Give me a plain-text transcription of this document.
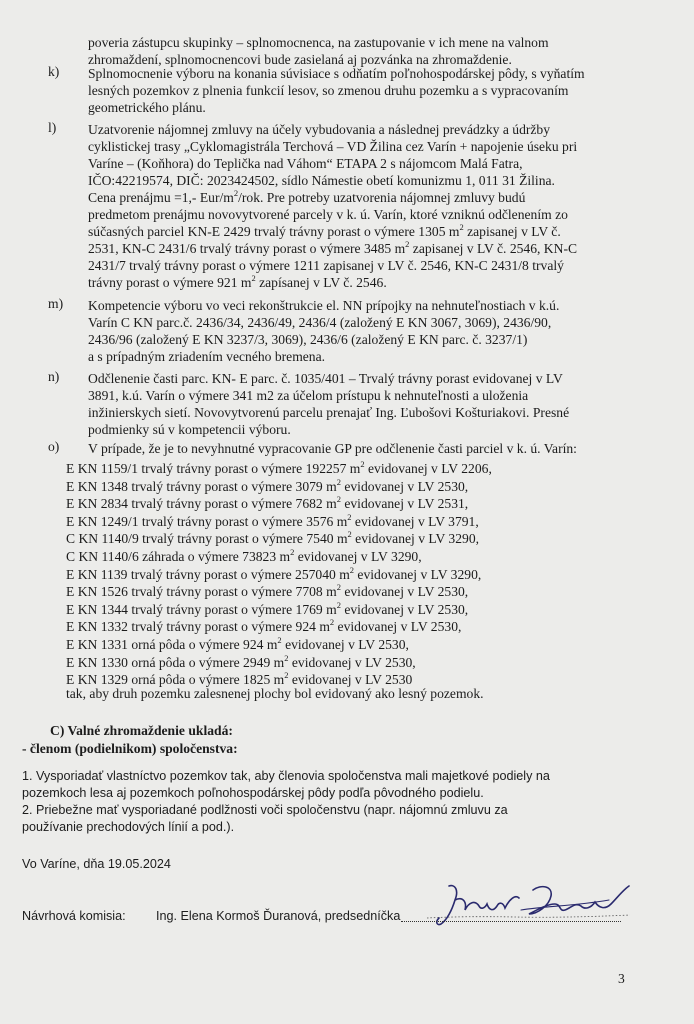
poveria zástupcu skupinky – splnomocnenca, na zastupovanie v ich mene na valnom
zhromaždení, splnomocnencovi bude zasielaná aj pozvánka na zhromaždenie.
k) Splnomocnenie výboru na konania súvisiace s odňatím poľnohospodárskej pôdy, s vyňatím
lesných pozemkov z plnenia funkcií lesov, so zmenou druhu pozemku a s vypracovaním
geometrického plánu.
l) Uzatvorenie nájomnej zmluvy na účely vybudovania a následnej prevádzky a údržby
cyklistickej trasy „Cyklomagistrála Terchová – VD Žilina cez Varín + napojenie úseku pri
Varíne – (Koňhora) do Teplička nad Váhom“ ETAPA 2 s nájomcom Malá Fatra,
IČO:42219574, DIČ: 2023424502, sídlo Námestie obetí komunizmu 1, 011 31 Žilina.
Cena prenájmu =1,- Eur/$m^2$/rok. Pre potreby uzatvorenia nájomnej zmluvy budú
predmetom prenájmu novovytvorené parcely v k. ú. Varín, ktoré vzniknú odčlenením zo
súčasných parciel KN-E 2429 trvalý trávny porast o výmere 1305 $m^2$ zapisanej v LV č.
2531, KN-C 2431/6 trvalý trávny porast o výmere 3485 $m^2$ zapisanej v LV č. 2546, KN-C
2431/7 trvalý trávny porast o výmere 1211 zapisanej v LV č. 2546, KN-C 2431/8 trvalý
trávny porast o výmere 921 $m^2$ zapísanej v LV č. 2546.
m) Kompetencie výboru vo veci rekonštrukcie el. NN prípojky na nehnuteľnostiach v k.ú.
Varín C KN parc.č. 2436/34, 2436/49, 2436/4 (založený E KN 3067, 3069), 2436/90,
2436/96 (založený E KN 3237/3, 3069), 2436/6 (založený E KN parc. č. 3237/1)
a s prípadným zriadením vecného bremena.
n) Odčlenenie časti parc. KN- E parc. č. 1035/401 – Trvalý trávny porast evidovanej v LV
3891, k.ú. Varín o výmere 341 m2 za účelom prístupu k nehnuteľnosti a uloženia
inžinierskych sietí. Novovytvorenú parcelu prenajať Ing. Ľubošovi Košturiakovi. Presné
podmienky sú v kompetencii výboru.
o) V prípade, že je to nevyhnutné vypracovanie GP pre odčlenenie časti parciel v k. ú. Varín:
E KN 1159/1 trvalý trávny porast o výmere 192257 $m^2$ evidovanej v LV 2206,
E KN 1348 trvalý trávny porast o výmere 3079 $m^2$ evidovanej v LV 2530,
E KN 2834 trvalý trávny porast o výmere 7682 $m^2$ evidovanej v LV 2531,
E KN 1249/1 trvalý trávny porast o výmere 3576 $m^2$ evidovanej v LV 3791,
C KN 1140/9 trvalý trávny porast o výmere 7540 $m^2$ evidovanej v LV 3290,
C KN 1140/6 záhrada o výmere 73823 $m^2$ evidovanej v LV 3290,
E KN 1139 trvalý trávny porast o výmere 257040 $m^2$ evidovanej v LV 3290,
E KN 1526 trvalý trávny porast o výmere 7708 $m^2$ evidovanej v LV 2530,
E KN 1344 trvalý trávny porast o výmere 1769 $m^2$ evidovanej v LV 2530,
E KN 1332 trvalý trávny porast o výmere 924 $m^2$ evidovanej v LV 2530,
E KN 1331 orná pôda o výmere 924 $m^2$ evidovanej v LV 2530,
E KN 1330 orná pôda o výmere 2949 $m^2$ evidovanej v LV 2530,
E KN 1329 orná pôda o výmere 1825 $m^2$ evidovanej v LV 2530
tak, aby druh pozemku zalesnenej plochy bol evidovaný ako lesný pozemok.
C) Valné zhromaždenie ukladá:
- členom (podielnikom) spoločenstva:
1. Vysporiadať vlastníctvo pozemkov tak, aby členovia spoločenstva mali majetkové podiely na
pozemkoch lesa aj pozemkoch poľnohospodárskej pôdy podľa pôvodného podielu.
2. Priebežne mať vysporiadané podlžnosti voči spoločenstvu (napr. nájomnú zmluvu za
používanie prechodových línií a pod.).
Vo Varíne, dňa 19.05.2024
Návrhová komisia: Ing. Elena Kormoš Ďuranová, predsedníčka
3
